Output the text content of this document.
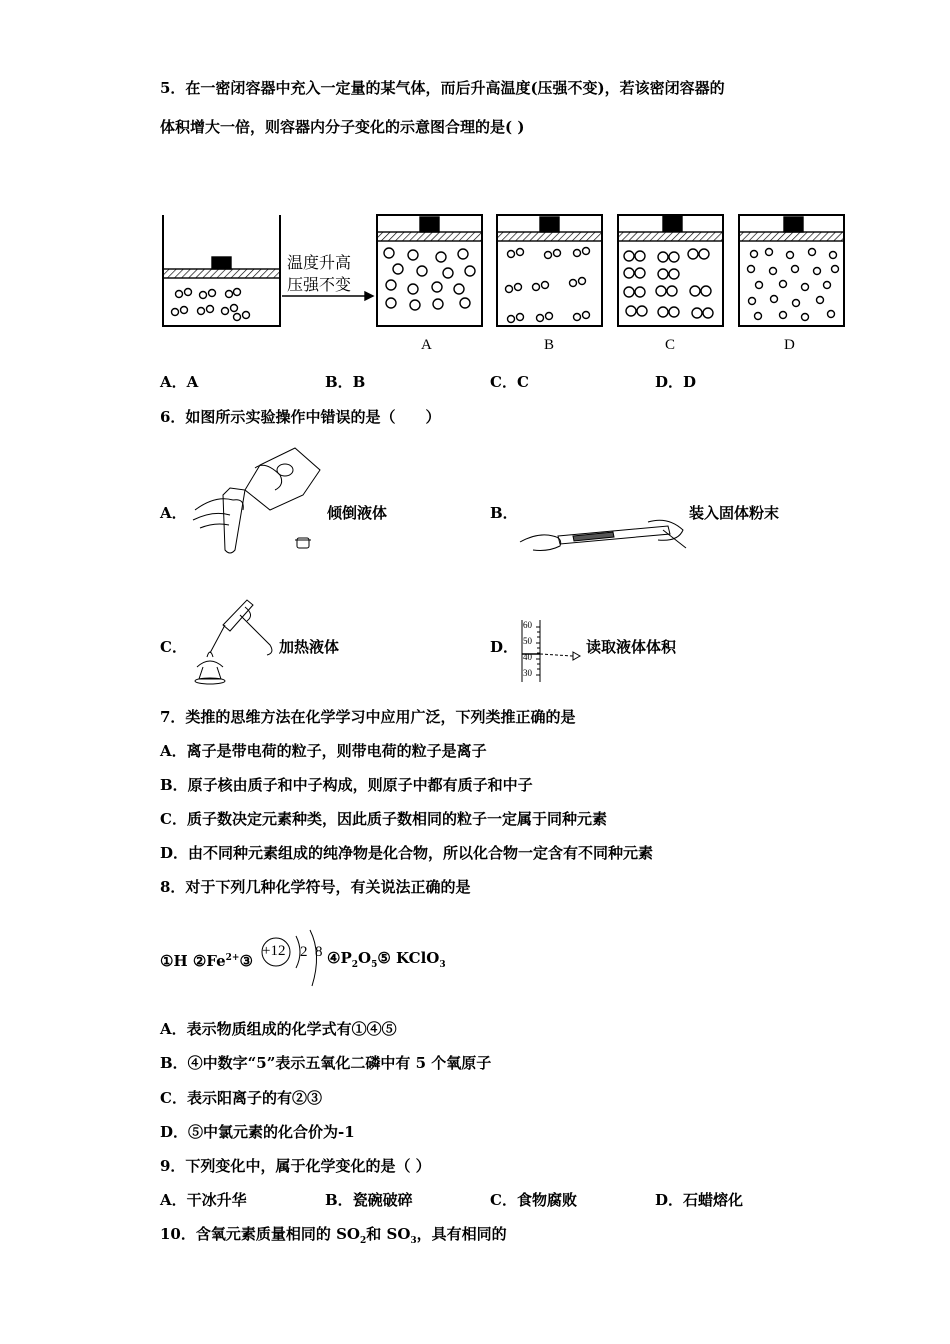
5．在一密闭容器中充入一定量的某气体，而后升高温度(压强不变)，若该密闭容器的
体积增大一倍，则容器内分子变化的示意图合理的是( )
温度升高
压强不变
A	B	C	D
A．A	B．B	C．C	D．D
6．如图所示实验操作中错误的是（　　）
A．	倾倒液体	B．	装入固体粉末
C．	加热液体	D．
60
50
40
30
读取液体体积
7．类推的思维方法在化学学习中应用广泛，下列类推正确的是
A．离子是带电荷的粒子，则带电荷的粒子是离子
B．原子核由质子和中子构成，则原子中都有质子和中子
C．质子数决定元素种类，因此质子数相同的粒子一定属于同种元素
D．由不同种元素组成的纯净物是化合物，所以化合物一定含有不同种元素
8．对于下列几种化学符号，有关说法正确的是
①H $②Fe^{2+}③$
+12 2 8 $④P_2O_5⑤$ KClO$_3$
A．表示物质组成的化学式有①④⑤
B．④中数字“5”表示五氧化二磷中有 5 个氧原子
C．表示阳离子的有②③
D．⑤中氯元素的化合价为-1
9．下列变化中，属于化学变化的是（ ）
A．干冰升华	B．瓷碗破碎	C．食物腐败	D．石蜡熔化
10．含氧元素质量相同的 $SO_2$和 $SO_3$，具有相同的
